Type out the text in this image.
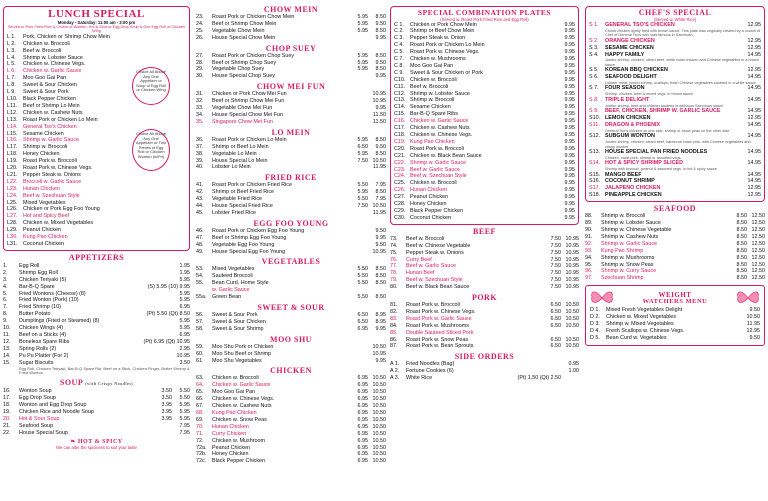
LUNCH SPECIAL
Monday - Saturday: 11:00 am - 3:00 pm
Served w. Pork Fried Rice & Choice of Wonton, Hot & Sour or Egg Drop Soup & One Egg Roll or Chicken Wing
L 1.	Pork, Chicken or Shrimp Chow Mein
L 2.	Chicken w. Broccoli
L 3.	Beef w. Broccoli
L 4.	Shrimp w. Lobster Sauce
L 5.	Chicken w. Chinese Vegs.
L 6.	Chicken w. Garlic Sauce
L 7.	Moo Goo Gai Pan
L 8.	Sweet & Sour Chicken
L 9.	Sweet & Sour Pork
L10.	Black Pepper Chicken
L11.	Beef or Shrimp Lo Mein
L12.	Chicken w. Cashew Nuts
L13.	Roast Pork or Chicken Lo Mein
L14.	General Tso's Chicken
L15.	Sesame Chicken
L16.	Shrimp w. Garlic Sauce
L17.	Shrimp w. Broccoli
L18.	Honey Chicken
L19.	Roast Pork w. Broccoli
L20.	Roast Pork w. Chinese Vegs.
L21.	Pepper Steak w. Onions
L22.	Broccoli w. Garlic Sauce
L23.	Hunan Chicken
L24.	Beef w. Szechuan Style
L25.	Mixed Vegetables
L26.	Chicken or Pork Egg Foo Young
L27.	Hot and Spicy Beef
L28.	Chicken w. Mixed Vegetables
L29.	Peanut Chicken
L30.	Kung Pao Chicken
L31.	Coconut Chicken
Choice All Above Any One Appetizer or Soup of Egg Roll or Chicken Wing
Choice All Above Any One Appetizer or Two Pieces of Egg Roll or Chicken Wonton (w/Fri)
APPETIZERS
1.	Egg Roll	1.95
2.	Shrimp Egg Roll	1.95
3.	Chicken Teriyaki (5)	5.95
4.	Bar-B-Q Spare	(S) 5.95 (10) 9.95
5.	Fried Wontons (Cheese) (8)	5.95
6.	Fried Wonton (Pork) (10)	5.95
7.	Fried Shrimp (10)	6.95
8.	Butter Potato	(Pt) 5.50 (Qt) 8.50
9.	Dumplings (Fried or Steamed) (8)	5.95
10.	Chicken Wings (4)	5.95
11.	Beef on a Sticks (4)	6.95
12.	Boneless Spare Ribs	(Pt) 6.95 (Qt) 10.95
13.	Spring Rolls (2)	2.95
14.	Pu Pu Platter (For 2)	10.95
15.	Sugar Biscuits	3.50
Egg Roll, Chicken Teriyaki, Bar-B-Q Spare Rib, Beef on a Stick, Chicken Finger, Butter Shrimp & Fried Wonton
SOUP (with Crispy Noodles)
16.	Wonton Soup	3.50	5.50
17.	Egg Drop Soup	3.50	5.50
18.	Wonton and Egg Drop Soup	3.95	5.95
19.	Chicken Rice and Noodle Soup	3.95	5.95
20.	Hot & Sour Soup	3.95	5.95
21.	Seafood Soup	7.95
22.	House Special Soup	7.95
❧ HOT & SPICY
We can alter the spiciness to suit your taste
CHOW MEIN
23.	Roast Pork or Chicken Chow Mein	5.95	8.50
24.	Beef or Shrimp Chow Mein	5.95	9.50
25.	Vegetable Chow Mein	5.95	8.50
26.	House Special Chow Mein	9.95
CHOP SUEY
27.	Roast Pork or Chicken Chop Suey	5.95	8.50
28.	Beef or Shrimp Chop Suey	5.95	9.50
29.	Vegetable Chop Suey	5.95	8.50
30.	House Special Chop Suey	9.95
CHOW MEI FUN
31.	Chicken or Pork Chow Mei Fun	10.95
32.	Beef or Shrimp Chow Mei Fun	10.95
33.	Vegetable Chow Mei Fun	9.95
34.	House Special Chow Mei Fun	11.50
35.	Singapore Chow Mei Fun	11.50
LO MEIN
36.	Roast Pork or Chicken Lo Mein	5.95	8.50
37.	Shrimp or Beef Lo Mein	6.50	9.50
38.	Vegetable Lo Mein	5.95	8.50
39.	House Special Lo Mein	7.50 10.50
40.	Lobster Lo Mein	11.95
FRIED RICE
41.	Roast Pork or Chicken Fried Rice	5.50	7.95
42.	Shrimp or Beef Fried Rice	5.95	8.50
43.	Vegetable Fried Rice	5.50	7.95
44.	House Special Fried Rice	7.50 10.50
45.	Lobster Fried Rice	11.95
EGG FOO YOUNG
46.	Roast Pork or Chicken Egg Foo Young	9.50
47.	Beef or Shrimp Egg Foo Young	9.95
48.	Vegetable Egg Foo Young	9.50
49.	House Special Egg Foo Young	10.95
VEGETABLES
53.	Mixed Vegetables	5.50	8.50
54.	Sauteed Broccoli	5.50	8.50
55.	Bean Curd, Home Style	5.50	8.50
w. Garlic Sauce
55a.	Green Bean	5.50	8.50
SWEET & SOUR
56.	Sweet & Sour Pork	6.50	8.95
57.	Sweet & Sour Chicken	6.50	8.95
58.	Sweet & Sour Shrimp	6.95	9.95
MOO SHU
59.	Moo Shu Pork or Chicken	10.50
60.	Moo Shu Beef or Shrimp	10.95
61.	Moo Shu Vegetables	9.95
CHICKEN
63.	Chicken w. Broccoli	6.95 10.50
64.	Chicken w. Garlic Sauce	6.95 10.50
65.	Moo Goo Gai Pan	6.95 10.50
66.	Chicken w. Chinese Vegs.	6.95 10.50
67.	Chicken w. Cashew Nuts	6.95 10.50
68.	Kung Pao Chicken	6.95 10.50
69.	Chicken w. Snow Peas	6.95 10.50
70.	Hunan Chicken	6.95 10.50
71.	Curry Chicken	6.95 10.50
72.	Chicken w. Mushroom	6.95 10.50
72a.	Peanut Chicken	6.95 10.50
72b.	Honey Chicken	6.95 10.50
72c.	Black Pepper Chicken	6.95 10.50
SPECIAL COMBINATION PLATES
(Served w. Roast Pork Fried Rice and Egg Roll)
C 1.	Chicken or Pork Chow Mein	9.95
C 2.	Shrimp or Beef Chow Mein	9.95
C 3.	Pepper Steak w. Onion	9.95
C 4.	Roast Pork or Chicken Lo Mein	9.95
C 5.	Roast Pork w. Chinese Vegs.	9.95
C 7.	Chicken w. Mushrooms	9.95
C 8.	Moo Goo Gai Pan	9.95
C 9.	Sweet & Sour Chicken or Pork	9.95
C10. Chicken w. Broccoli	9.95
C11. Beef w. Broccoli	9.95
C12. Shrimp w. Lobster Sauce	9.95
C13. Shrimp w. Broccoli	9.95
C14. Sesame Chicken	9.95
C15. Bar-B-Q Spare Ribs	9.95
C16. Chicken w. Garlic Sauce	9.95
C17. Chicken w. Cashew Nuts	9.95
C18. Chicken w. Chinese Vegs.	9.95
C19. Kung Pao Chicken	9.95
C20. Roast Pork w. Broccoli	9.95
C21. Chicken w. Black Bean Sauce	9.95
C22. Shrimp w. Garlic Sauce	9.95
C23. Beef w. Garlic Sauce	9.95
C24. Beef w. Szechuan Style	9.95
C25. Chicken w. Broccoli	9.95
C26. Hunan Chicken	9.95
C27. Peanut Chicken	9.95
C28. Honey Chicken	9.95
C29. Black Pepper Chicken	9.95
C30. Coconut Chicken	9.95
BEEF
73.	Beef w. Broccoli	7.50 10.95
74.	Beef w. Chinese Vegetable	7.50 10.95
75.	Pepper Steak w. Onions	7.50 10.95
76.	Curry Beef	7.50 10.95
77.	Beef w. Garlic Sauce	7.50 10.95
78.	Hunan Beef	7.50 10.95
79.	Beef w. Szechuan Style	7.50 10.95
80.	Beef w. Black Bean Sauce	7.50 10.95
PORK
81.	Roast Pork w. Broccoli	6.50 10.50
82.	Roast Pork w. Chinese Vegs.	6.50 10.50
83.	Roast Pork w. Garlic Sauce	6.50 10.50
84.	Roast Pork w. Mushrooms	6.50 10.50
85.	Double Sauteed Sliced Pork
86.	Roast Pork w. Snow Peas	6.50 10.50
87.	Roast Pork w. Bean Sprouts	6.50 10.50
SIDE ORDERS
A 1.	Fried Noodles (Bag)	0.95
A 2.	Fortune Cookies (6)	1.00
A 3.	White Rice	(Pt) 1.50 (Qt) 2.50
CHEF'S SPECIAL
(Served w. White Rice)
S 1.	GENERAL TSO'S CHICKEN	12.95
Chunk chicken lightly fried with brown sauce. This plate was originally created by a cousin of Chef of General Tso's who was famous in Szechuan
S 2.	ORANGE CHICKEN	12.95
S 3.	SESAME CHICKEN	12.95
S 4.	HAPPY FAMILY	14.95
Jumbo shrimp, chicken, sliced beef, white roast chicken and Chinese vegetables in a brown sauce
S 5.	KOREAN BBQ CHICKEN	12.95
S 6.	SEAFOOD DELIGHT	14.95
Lobster meat, jumbo shrimp, scallops, fresh Chinese vegetables sauteed in a white sauce
S 7.	FOUR SEASON	14.95
Shrimp, chicken, beef & mixed vegs. in brown sauce
S 8.	TRIPLE DELIGHT	14.95
Jumbo shrimp, beef and chicken sautéed in delicious Szechuan sauce
S 9.	BEEF, CHICKEN, SHRIMP W. GARLIC SAUCE	14.95
S10. LEMON CHICKEN	12.95
S11. DRAGON & PHOENIX	14.95
General Tso's chicken on one side, shrimp w. snow peas on the other side
S12. SUBGUM WONTON	14.95
Jumbo shrimp, chicken, sliced beef, barbecue roast pork, with Chinese vegetables and crispy wonton
S13. HOUSE SPECIAL PAN FRIED NOODLES	14.95
Chicken, roast pork, shrimp w. assorted vegs.
S14. HOT & SPICY SHRIMP SLICED	14.95
Shrimp with broccoli, peanut & assorted vegs. in hot & spicy sauce
S15. MANGO BEEF	14.95
S16. COCONUT SHRIMP	14.95
S17. JALAPENO CHICKEN	12.95
S18. PINEAPPLE CHICKEN	12.95
SEAFOOD
88.	Shrimp w. Broccoli	8.50 12.50
89.	Shrimp w. Lobster Sauce	8.50 12.50
90.	Shrimp w. Chinese Vegetable	8.50 12.50
91.	Shrimp w. Cashew Nuts	8.50 12.50
92.	Shrimp w. Garlic Sauce	8.50 12.50
93.	Kung Pao Shrimp	8.50 12.50
94.	Shrimp w. Mushrooms	8.50 12.50
95.	Shrimp w. Snow Peas	8.50 12.50
96.	Shrimp w. Curry Sauce	8.50 12.50
97.	Szechuan Shrimp	8.50 12.50
WEIGHT
WATCHERS MENU
D 1.	Mixed Fresh Vegetables Delight	9.50
D 2.	Chicken w. Mixed Vegetables	10.50
D 3.	Shrimp w. Mixed Vegetables	11.95
D 4.	Fresh Scallops w. Chinese Vegs.	12.95
D 5.	Bean Curd w. Vegetables	9.50
